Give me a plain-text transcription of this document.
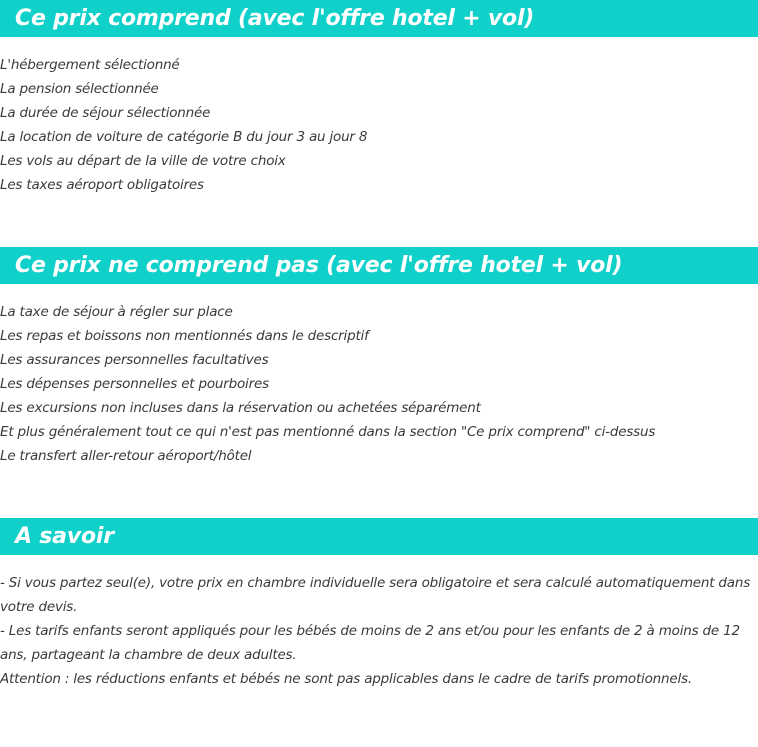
Ce prix comprend (avec l'offre hotel + vol)
L'hébergement sélectionné
La pension sélectionnée
La durée de séjour sélectionnée
La location de voiture de catégorie B du jour 3 au jour 8
Les vols au départ de la ville de votre choix
Les taxes aéroport obligatoires
Ce prix ne comprend pas (avec l'offre hotel + vol)
La taxe de séjour à régler sur place
Les repas et boissons non mentionnés dans le descriptif
Les assurances personnelles facultatives
Les dépenses personnelles et pourboires
Les excursions non incluses dans la réservation ou achetées séparément
Et plus généralement tout ce qui n'est pas mentionné dans la section "Ce prix comprend" ci-dessus
Le transfert aller-retour aéroport/hôtel
A savoir

- Si vous partez seul(e), votre prix en chambre individuelle sera obligatoire et sera calculé automatiquement dans votre devis.

- Les tarifs enfants seront appliqués pour les bébés de moins de 2 ans et/ou pour les enfants de 2 à moins de 12 ans, partageant la chambre de deux adultes.

Attention : les réductions enfants et bébés ne sont pas applicables dans le cadre de tarifs promotionnels.
